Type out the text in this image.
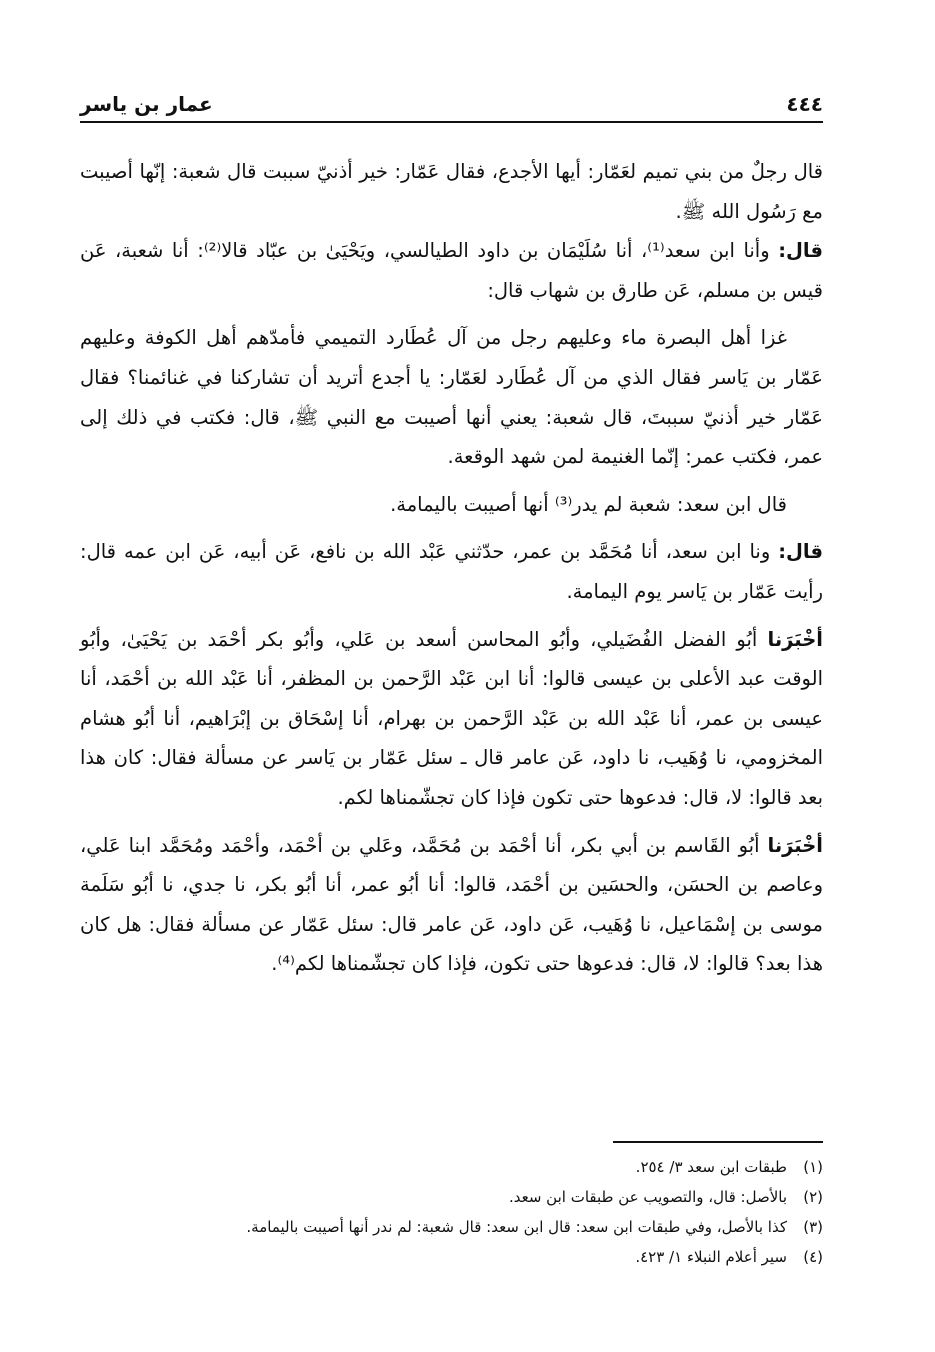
٤٤٤
عمار بن ياسر

قال رجلٌ من بني تميم لعَمّار: أيها الأجدع، فقال عَمّار: خير أذنيّ سببت قال شعبة: إنّها أصيبت مع رَسُول الله ﷺ.

قال: وأنا ابن سعد⁽¹⁾، أنا سُلَيْمَان بن داود الطيالسي، ويَحْيَىٰ بن عبّاد قالا⁽²⁾: أنا شعبة، عَن قيس بن مسلم، عَن طارق بن شهاب قال:

غزا أهل البصرة ماء وعليهم رجل من آل عُطَارد التميمي فأمدّهم أهل الكوفة وعليهم عَمّار بن يَاسر فقال الذي من آل عُطَارد لعَمّار: يا أجدع أتريد أن تشاركنا في غنائمنا؟ فقال عَمّار خير أذنيّ سببتَ، قال شعبة: يعني أنها أصيبت مع النبي ﷺ، قال: فكتب في ذلك إلى عمر، فكتب عمر: إنّما الغنيمة لمن شهد الوقعة.

قال ابن سعد: شعبة لم يدر⁽³⁾ أنها أصيبت باليمامة.

قال: ونا ابن سعد، أنا مُحَمَّد بن عمر، حدّثني عَبْد الله بن نافع، عَن أبيه، عَن ابن عمه قال: رأيت عَمّار بن يَاسر يوم اليمامة.

أخْبَرَنا أبُو الفضل الفُضَيلي، وأبُو المحاسن أسعد بن عَلي، وأبُو بكر أحْمَد بن يَحْيَىٰ، وأبُو الوقت عبد الأعلى بن عيسى قالوا: أنا ابن عَبْد الرَّحمن بن المظفر، أنا عَبْد الله بن أحْمَد، أنا عيسى بن عمر، أنا عَبْد الله بن عَبْد الرَّحمن بن بهرام، أنا إسْحَاق بن إبْرَاهيم، أنا أبُو هشام المخزومي، نا وُهَيب، نا داود، عَن عامر قال ـ سئل عَمّار بن يَاسر عن مسألة فقال: كان هذا بعد قالوا: لا، قال: فدعوها حتى تكون فإذا كان تجشّمناها لكم.

أخْبَرَنا أبُو القَاسم بن أبي بكر، أنا أحْمَد بن مُحَمَّد، وعَلي بن أحْمَد، وأحْمَد ومُحَمَّد ابنا عَلي، وعاصم بن الحسَن، والحسَين بن أحْمَد، قالوا: أنا أبُو عمر، أنا أبُو بكر، نا جدي، نا أبُو سَلَمة موسى بن إسْمَاعيل، نا وُهَيب، عَن داود، عَن عامر قال: سئل عَمّار عن مسألة فقال: هل كان هذا بعد؟ قالوا: لا، قال: فدعوها حتى تكون، فإذا كان تجشّمناها لكم⁽⁴⁾.

(١)
طبقات ابن سعد ٣/ ٢٥٤.
(٢)
بالأصل: قال، والتصويب عن طبقات ابن سعد.
(٣)
كذا بالأصل، وفي طبقات ابن سعد: قال ابن سعد: قال شعبة: لم ندر أنها أصيبت باليمامة.
(٤)
سير أعلام النبلاء ١/ ٤٢٣.
